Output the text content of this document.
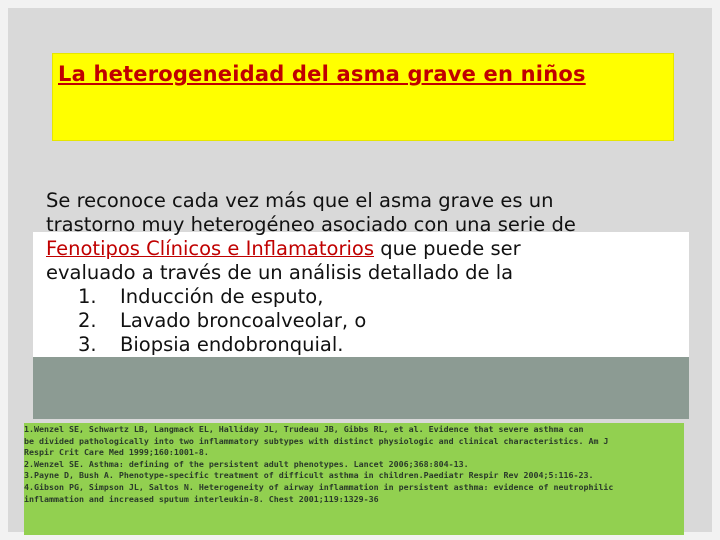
La heterogeneidad del asma grave en niños
Se reconoce cada vez más que el asma grave es un
trastorno muy heterogéneo asociado con una serie de
Fenotipos Clínicos e Inflamatorios que puede ser
evaluado a través de un análisis detallado de la
1. Inducción de esputo,
2. Lavado broncoalveolar, o
3. Biopsia endobronquial.
1.Wenzel SE, Schwartz LB, Langmack EL, Halliday JL, Trudeau JB, Gibbs RL, et al. Evidence that severe asthma can
be divided pathologically into two inflammatory subtypes with distinct physiologic and clinical characteristics. Am J
Respir Crit Care Med 1999;160:1001-8.
2.Wenzel SE. Asthma: defining of the persistent adult phenotypes. Lancet 2006;368:804-13.
3.Payne D, Bush A. Phenotype-specific treatment of difficult asthma in children.Paediatr Respir Rev 2004;5:116-23.
4.Gibson PG, Simpson JL, Saltos N. Heterogeneity of airway inflammation in persistent asthma: evidence of neutrophilic
inflammation and increased sputum interleukin-8. Chest 2001;119:1329-36
